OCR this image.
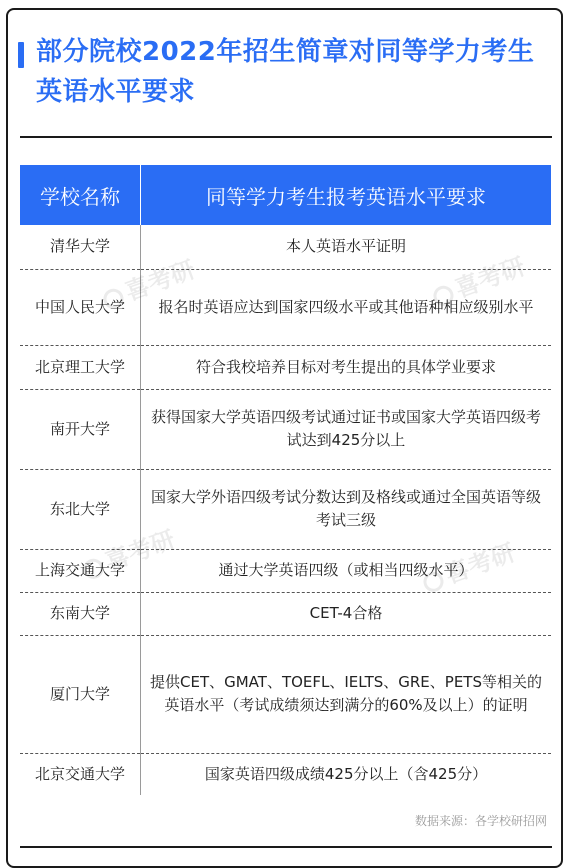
部分院校2022年招生简章对同等学力考生英语水平要求
学校名称	同等学力考生报考英语水平要求
清华大学	本人英语水平证明
中国人民大学	报名时英语应达到国家四级水平或其他语种相应级别水平
北京理工大学	符合我校培养目标对考生提出的具体学业要求
南开大学	获得国家大学英语四级考试通过证书或国家大学英语四级考试达到425分以上
东北大学	国家大学外语四级考试分数达到及格线或通过全国英语等级考试三级
上海交通大学	通过大学英语四级（或相当四级水平）
东南大学	CET-4合格
厦门大学	提供CET、GMAT、TOEFL、IELTS、GRE、PETS等相关的英语水平（考试成绩须达到满分的60%及以上）的证明
北京交通大学	国家英语四级成绩425分以上（含425分）
数据来源：各学校研招网
